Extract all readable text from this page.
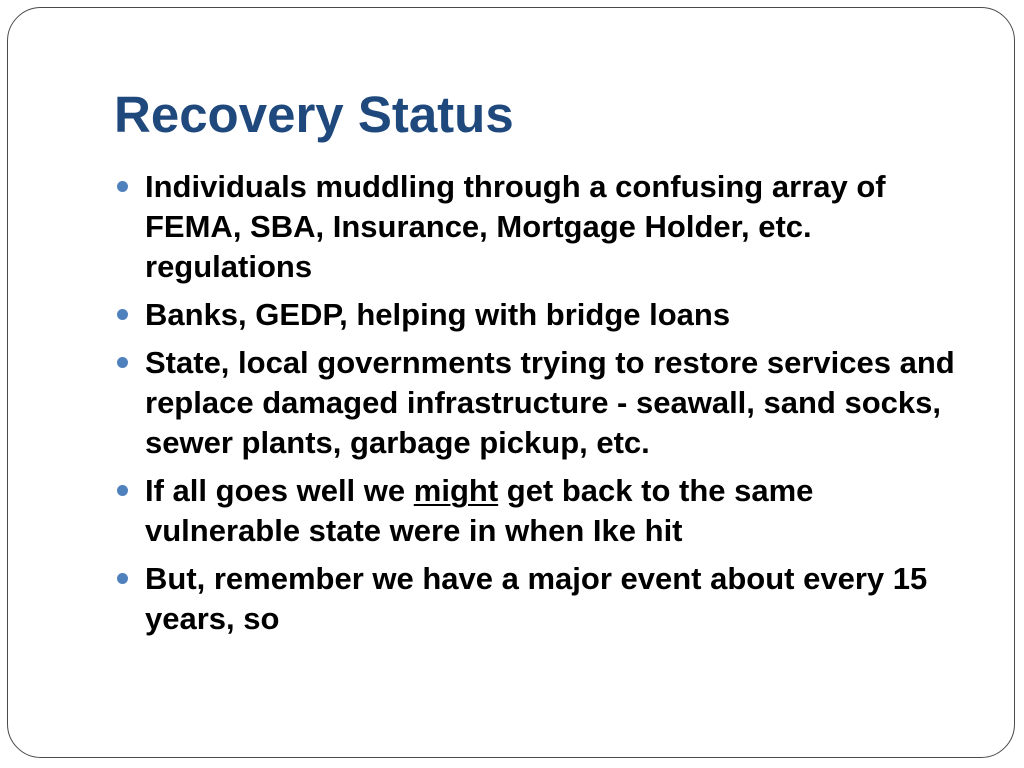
Recovery Status
Individuals muddling through a confusing array of FEMA, SBA, Insurance, Mortgage Holder, etc. regulations
Banks, GEDP, helping with bridge loans
State, local governments trying to restore services and replace damaged infrastructure - seawall, sand socks, sewer plants, garbage pickup, etc.
If all goes well we might get back to the same vulnerable state were in when Ike hit
But, remember we have a major event about every 15 years, so
